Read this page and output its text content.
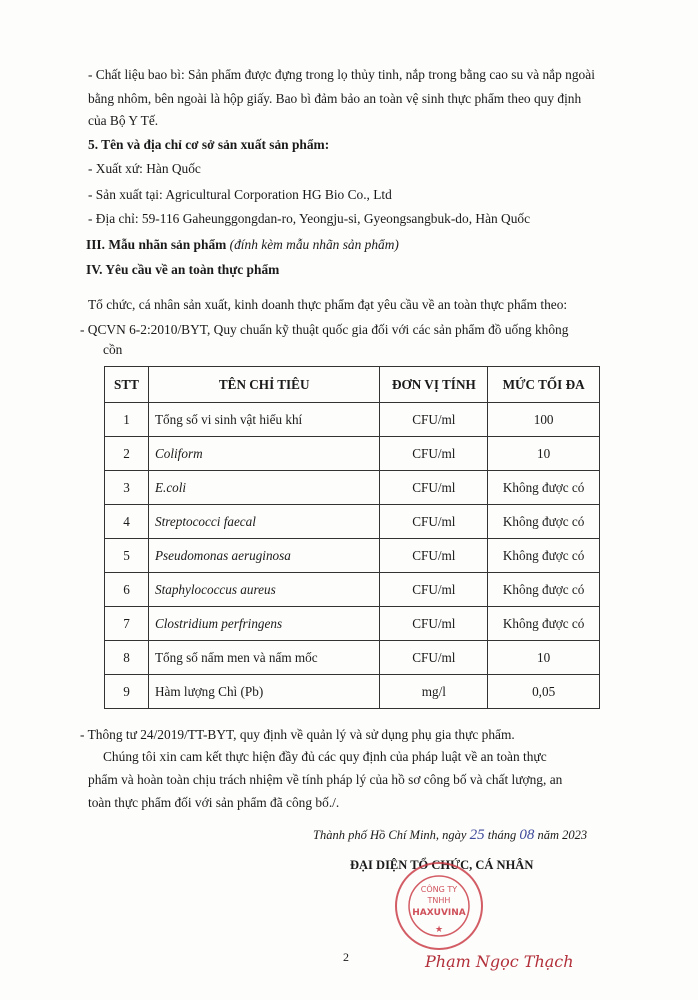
- Chất liệu bao bì: Sản phẩm được đựng trong lọ thủy tinh, nắp trong bằng cao su và nắp ngoài
bằng nhôm, bên ngoài là hộp giấy. Bao bì đảm bảo an toàn vệ sinh thực phẩm theo quy định
của Bộ Y Tế.
5. Tên và địa chỉ cơ sở sản xuất sản phẩm:
- Xuất xứ: Hàn Quốc
- Sản xuất tại: Agricultural Corporation HG Bio Co., Ltd
- Địa chỉ: 59-116 Gaheunggongdan-ro, Yeongju-si, Gyeongsangbuk-do, Hàn Quốc
III. Mẫu nhãn sản phẩm (đính kèm mẫu nhãn sản phẩm)
IV. Yêu cầu về an toàn thực phẩm
Tổ chức, cá nhân sản xuất, kinh doanh thực phẩm đạt yêu cầu về an toàn thực phẩm theo:
- QCVN 6-2:2010/BYT, Quy chuẩn kỹ thuật quốc gia đối với các sản phẩm đồ uống không
cồn
STT	TÊN CHỈ TIÊU	ĐƠN VỊ TÍNH	MỨC TỐI ĐA
1	Tổng số vi sinh vật hiếu khí	CFU/ml	100
2	Coliform	CFU/ml	10
3	E.coli	CFU/ml	Không được có
4	Streptococci faecal	CFU/ml	Không được có
5	Pseudomonas aeruginosa	CFU/ml	Không được có
6	Staphylococcus aureus	CFU/ml	Không được có
7	Clostridium perfringens	CFU/ml	Không được có
8	Tổng số nấm men và nấm mốc	CFU/ml	10
9	Hàm lượng Chì (Pb)	mg/l	0,05
- Thông tư 24/2019/TT-BYT, quy định về quản lý và sử dụng phụ gia thực phẩm.
Chúng tôi xin cam kết thực hiện đầy đủ các quy định của pháp luật về an toàn thực
phẩm và hoàn toàn chịu trách nhiệm về tính pháp lý của hồ sơ công bố và chất lượng, an
toàn thực phẩm đối với sản phẩm đã công bố./.
Thành phố Hồ Chí Minh, ngày 25 tháng 08 năm 2023
ĐẠI DIỆN TỔ CHỨC, CÁ NHÂN
CÔNG TY
TNHH
HAXUVINA
★
Phạm Ngọc Thạch
2
